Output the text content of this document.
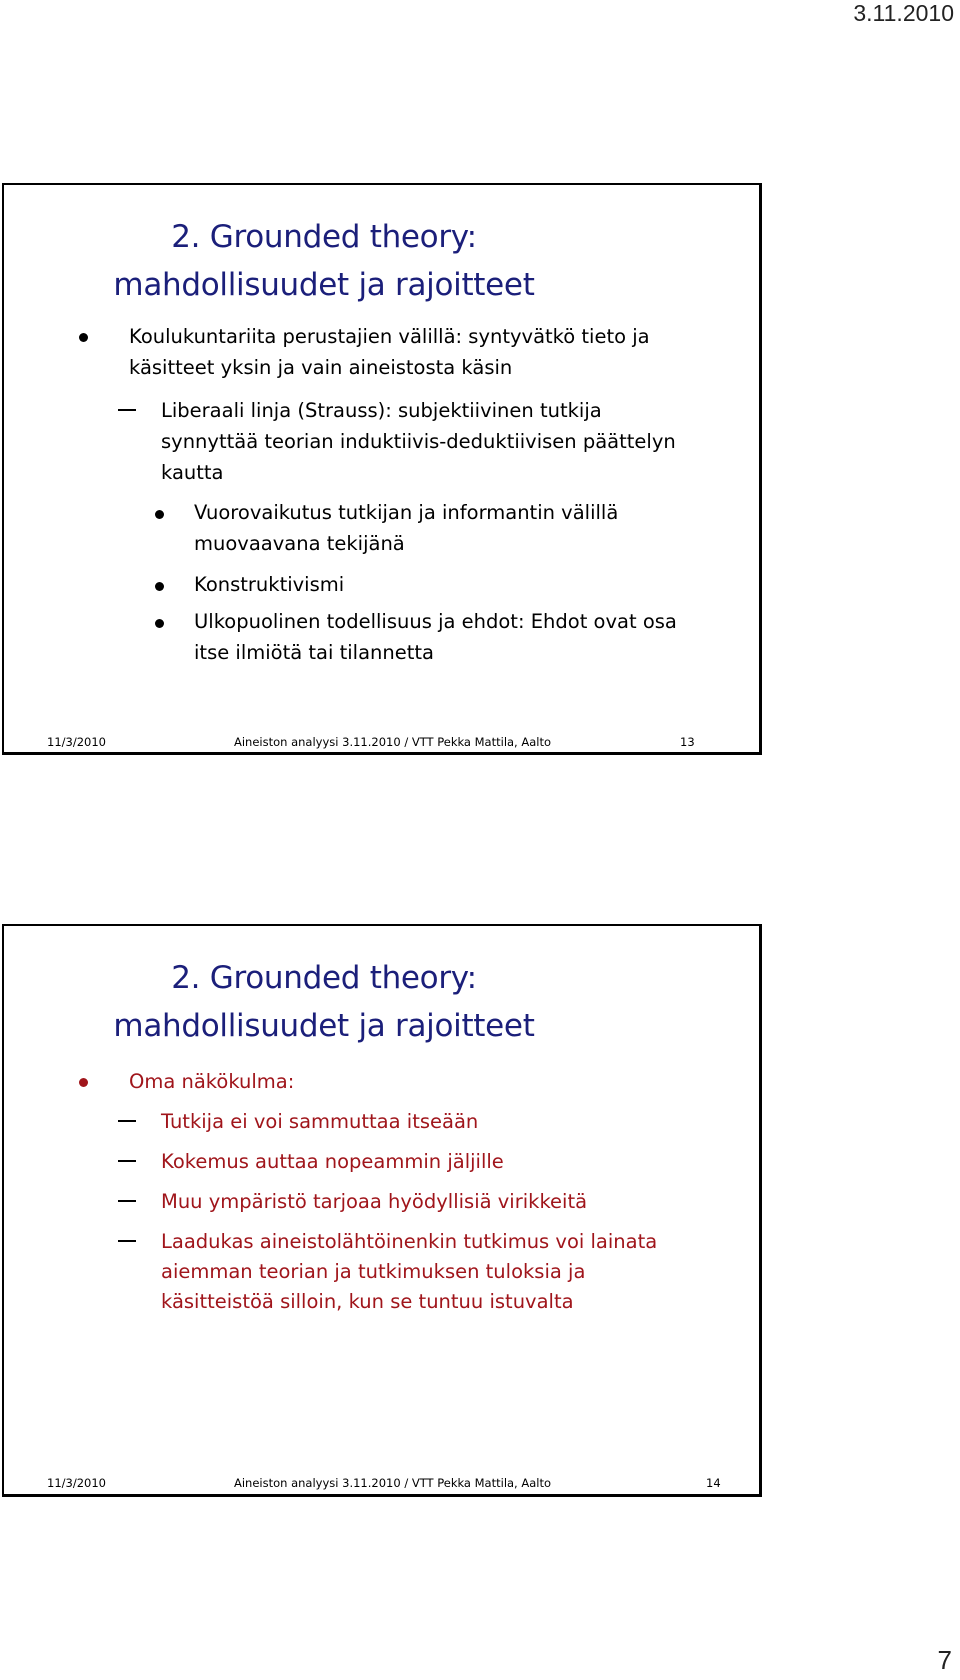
3.11.2010
2. Grounded theory:
mahdollisuudet ja rajoitteet
Koulukuntariita perustajien välillä: syntyvätkö tieto ja
käsitteet yksin ja vain aineistosta käsin
Liberaali linja (Strauss): subjektiivinen tutkija
synnyttää teorian induktiivis-deduktiivisen päättelyn
kautta
Vuorovaikutus tutkijan ja informantin välillä
muovaavana tekijänä
Konstruktivismi
Ulkopuolinen todellisuus ja ehdot: Ehdot ovat osa
itse ilmiötä tai tilannetta
11/3/2010	Aineiston analyysi 3.11.2010 / VTT Pekka Mattila, Aalto	13
2. Grounded theory:
mahdollisuudet ja rajoitteet
Oma näkökulma:
Tutkija ei voi sammuttaa itseään
Kokemus auttaa nopeammin jäljille
Muu ympäristö tarjoaa hyödyllisiä virikkeitä
Laadukas aineistolähtöinenkin tutkimus voi lainata
aiemman teorian ja tutkimuksen tuloksia ja
käsitteistöä silloin, kun se tuntuu istuvalta
11/3/2010	Aineiston analyysi 3.11.2010 / VTT Pekka Mattila, Aalto	14
7
